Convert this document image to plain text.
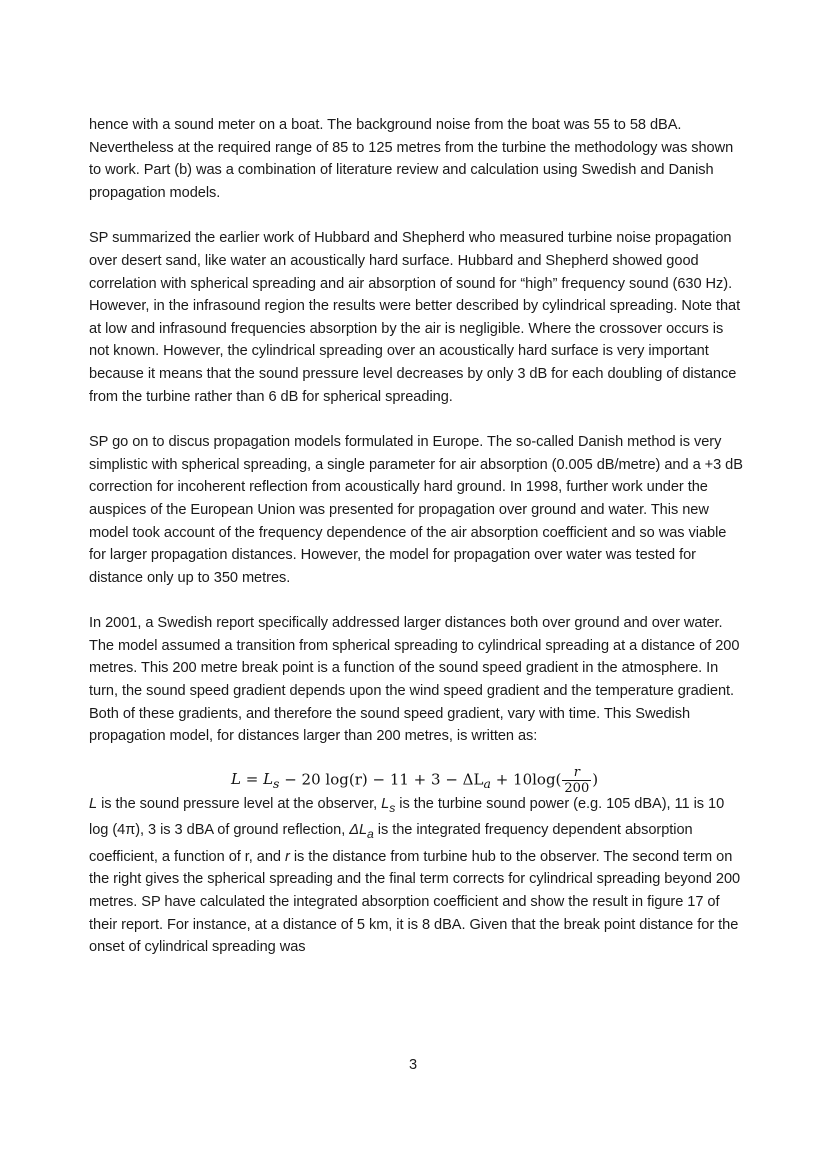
hence with a sound meter on a boat. The background noise from the boat was 55 to 58 dBA. Nevertheless at the required range of 85 to 125 metres from the turbine the methodology was shown to work. Part (b) was a combination of literature review and calculation using Swedish and Danish propagation models.

SP summarized the earlier work of Hubbard and Shepherd who measured turbine noise propagation over desert sand, like water an acoustically hard surface. Hubbard and Shepherd showed good correlation with spherical spreading and air absorption of sound for “high” frequency sound (630 Hz). However, in the infrasound region the results were better described by cylindrical spreading. Note that at low and infrasound frequencies absorption by the air is negligible. Where the crossover occurs is not known. However, the cylindrical spreading over an acoustically hard surface is very important because it means that the sound pressure level decreases by only 3 dB for each doubling of distance from the turbine rather than 6 dB for spherical spreading.

SP go on to discus propagation models formulated in Europe. The so-called Danish method is very simplistic with spherical spreading, a single parameter for air absorption (0.005 dB/metre) and a +3 dB correction for incoherent reflection from acoustically hard ground. In 1998, further work under the auspices of the European Union was presented for propagation over ground and water. This new model took account of the frequency dependence of the air absorption coefficient and so was viable for larger propagation distances. However, the model for propagation over water was tested for distance only up to 350 metres.

In 2001, a Swedish report specifically addressed larger distances both over ground and over water. The model assumed a transition from spherical spreading to cylindrical spreading at a distance of 200 metres. This 200 metre break point is a function of the sound speed gradient in the atmosphere. In turn, the sound speed gradient depends upon the wind speed gradient and the temperature gradient. Both of these gradients, and therefore the sound speed gradient, vary with time. This Swedish propagation model, for distances larger than 200 metres, is written as:

$L = L_s - 20$ $\log(r) - 11 + 3 - \Delta L_a + 10\log( \frac{r}{200}$ )

L is the sound pressure level at the observer, $L_s$ is the turbine sound power (e.g. 105 dBA), 11 is 10 log (4π), 3 is 3 dBA of ground reflection, $\Delta L_a$ is the integrated frequency dependent absorption coefficient, a function of r, and r is the distance from turbine hub to the observer. The second term on the right gives the spherical spreading and the final term corrects for cylindrical spreading beyond 200 metres. SP have calculated the integrated absorption coefficient and show the result in figure 17 of their report. For instance, at a distance of 5 km, it is 8 dBA. Given that the break point distance for the onset of cylindrical spreading was

3
